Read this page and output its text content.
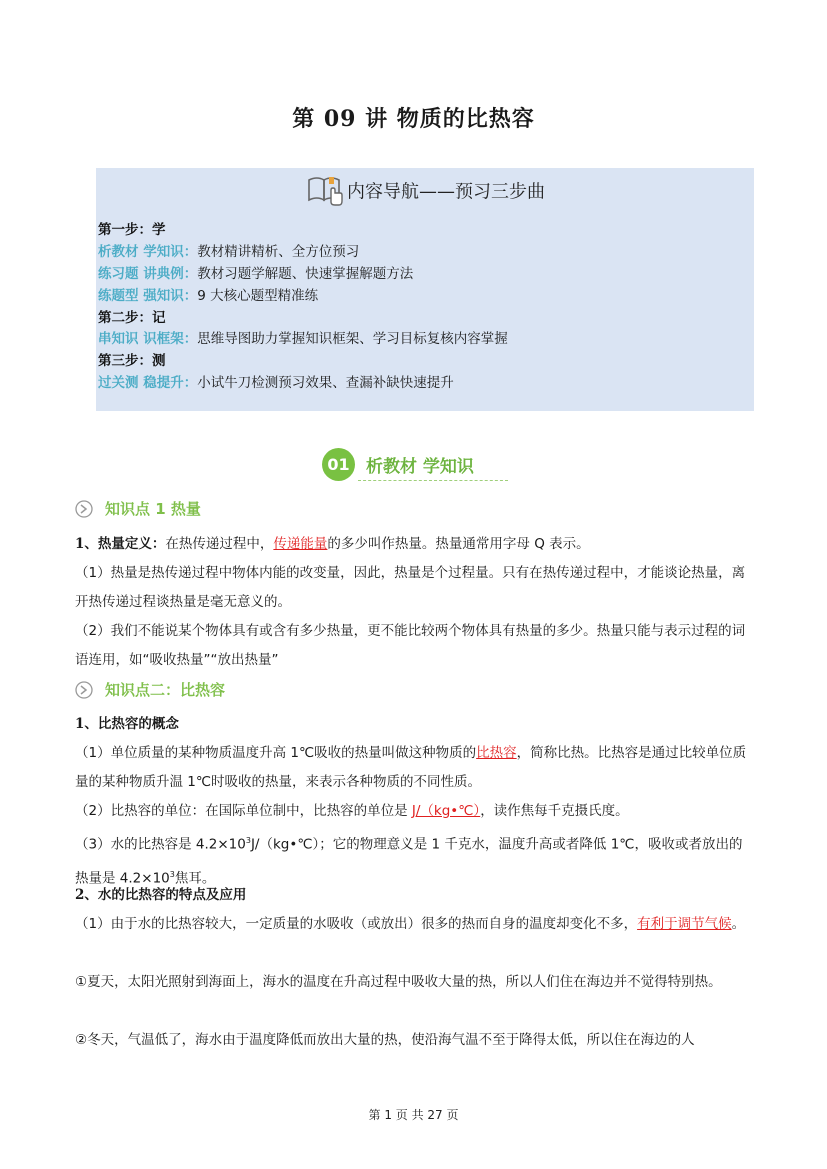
第 09 讲 物质的比热容
内容导航——预习三步曲
第一步：学
析教材 学知识：教材精讲精析、全方位预习
练习题 讲典例：教材习题学解题、快速掌握解题方法
练题型 强知识：9 大核心题型精准练
第二步：记
串知识 识框架：思维导图助力掌握知识框架、学习目标复核内容掌握
第三步：测
过关测 稳提升：小试牛刀检测预习效果、查漏补缺快速提升
01 析教材 学知识
知识点 1 热量
1、热量定义：在热传递过程中，传递能量的多少叫作热量。热量通常用字母 Q 表示。
（1）热量是热传递过程中物体内能的改变量，因此，热量是个过程量。只有在热传递过程中，才能谈论热量，离开热传递过程谈热量是毫无意义的。
（2）我们不能说某个物体具有或含有多少热量，更不能比较两个物体具有热量的多少。热量只能与表示过程的词语连用，如“吸收热量”“放出热量”
知识点二：比热容
1、比热容的概念
（1）单位质量的某种物质温度升高 1℃吸收的热量叫做这种物质的比热容，简称比热。比热容是通过比较单位质量的某种物质升温 1℃时吸收的热量，来表示各种物质的不同性质。
（2）比热容的单位：在国际单位制中，比热容的单位是 J/（kg•℃），读作焦每千克摄氏度。
（3）水的比热容是 $4.2\times 10^3J/(kg•℃)$；它的物理意义是 1 千克水，温度升高或者降低 1℃，吸收或者放出的热量是 $4.2\times 10^3$焦耳。
2、水的比热容的特点及应用
（1）由于水的比热容较大，一定质量的水吸收（或放出）很多的热而自身的温度却变化不多，有利于调节气候。
①夏天，太阳光照射到海面上，海水的温度在升高过程中吸收大量的热，所以人们住在海边并不觉得特别热。
②冬天，气温低了，海水由于温度降低而放出大量的热，使沿海气温不至于降得太低，所以住在海边的人
第 1 页 共 27 页
